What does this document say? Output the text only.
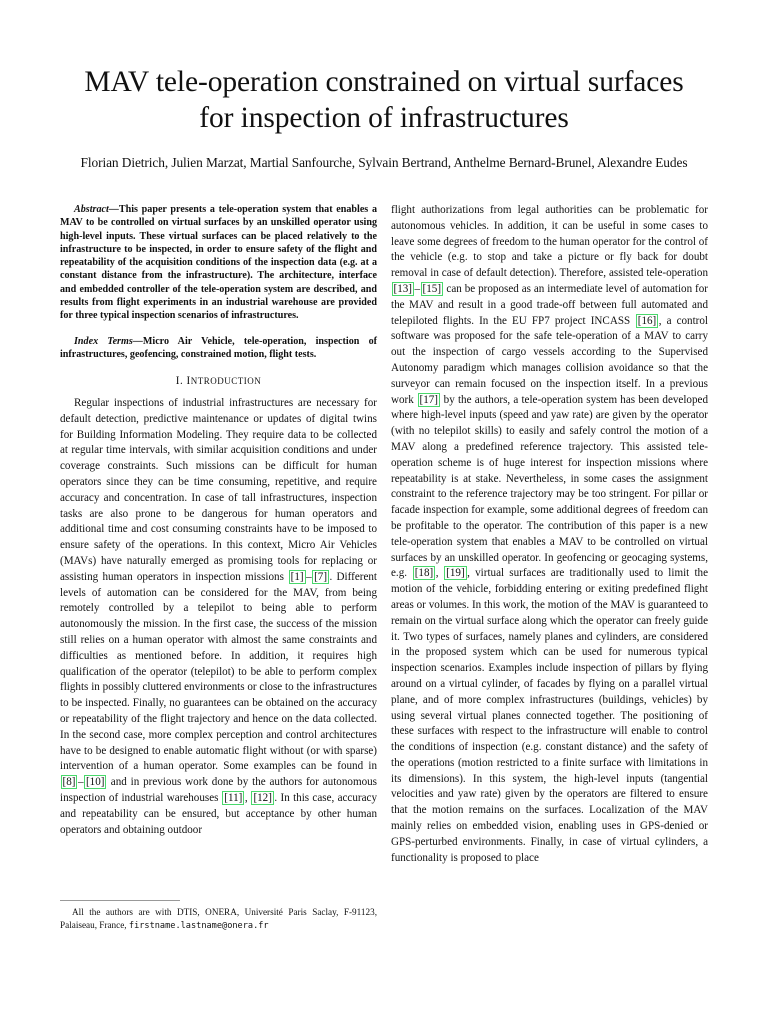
MAV tele-operation constrained on virtual surfaces
for inspection of infrastructures
Florian Dietrich, Julien Marzat, Martial Sanfourche, Sylvain Bertrand, Anthelme Bernard-Brunel, Alexandre Eudes

Abstract—This paper presents a tele-operation system that enables a MAV to be controlled on virtual surfaces by an unskilled operator using high-level inputs. These virtual surfaces can be placed relatively to the infrastructure to be inspected, in order to ensure safety of the flight and repeatability of the acquisition conditions of the inspection data (e.g. at a constant distance from the infrastructure). The architecture, interface and embedded controller of the tele-operation system are described, and results from flight experiments in an industrial warehouse are provided for three typical inspection scenarios of infrastructures.

Index Terms—Micro Air Vehicle, tele-operation, inspection of infrastructures, geofencing, constrained motion, flight tests.

I. INTRODUCTION

Regular inspections of industrial infrastructures are necessary for default detection, predictive maintenance or updates of digital twins for Building Information Modeling. They require data to be collected at regular time intervals, with similar acquisition conditions and under coverage constraints. Such missions can be difficult for human operators since they can be time consuming, repetitive, and require accuracy and concentration. In case of tall infrastructures, inspection tasks are also prone to be dangerous for human operators and additional time and cost consuming constraints have to be imposed to ensure safety of the operations. In this context, Micro Air Vehicles (MAVs) have naturally emerged as promising tools for replacing or assisting human operators in inspection missions [1] – [7] . Different levels of automation can be considered for the MAV, from being remotely controlled by a telepilot to being able to perform autonomously the mission. In the first case, the success of the mission still relies on a human operator with almost the same constraints and difficulties as mentioned before. In addition, it requires high qualification of the operator (telepilot) to be able to perform complex flights in possibly cluttered environments or close to the infrastructures to be inspected. Finally, no guarantees can be obtained on the accuracy or repeatability of the flight trajectory and hence on the data collected. In the second case, more complex perception and control architectures have to be designed to enable automatic flight without (or with sparse) intervention of a human operator. Some examples can be found in [8] – [10] and in previous work done by the authors for autonomous inspection of industrial warehouses [11] , [12] . In this case, accuracy and repeatability can be ensured, but acceptance by other human operators and obtaining outdoor

All the authors are with DTIS, ONERA, Université Paris Saclay, F-91123, Palaiseau, France, firstname.lastname@onera.fr

flight authorizations from legal authorities can be problematic for autonomous vehicles. In addition, it can be useful in some cases to leave some degrees of freedom to the human operator for the control of the vehicle (e.g. to stop and take a picture or fly back for doubt removal in case of default detection). Therefore, assisted tele-operation [13] – [15] can be proposed as an intermediate level of automation for the MAV and result in a good trade-off between full automated and telepiloted flights. In the EU FP7 project INCASS [16] , a control software was proposed for the safe tele-operation of a MAV to carry out the inspection of cargo vessels according to the Supervised Autonomy paradigm which manages collision avoidance so that the surveyor can remain focused on the inspection itself. In a previous work [17] by the authors, a tele-operation system has been developed where high-level inputs (speed and yaw rate) are given by the operator (with no telepilot skills) to easily and safely control the motion of a MAV along a predefined reference trajectory. This assisted tele-operation scheme is of huge interest for inspection missions where repeatability is at stake. Nevertheless, in some cases the assignment constraint to the reference trajectory may be too stringent. For pillar or facade inspection for example, some additional degrees of freedom can be profitable to the operator. The contribution of this paper is a new tele-operation system that enables a MAV to be controlled on virtual surfaces by an unskilled operator. In geofencing or geocaging systems, e.g. [18] , [19] , virtual surfaces are traditionally used to limit the motion of the vehicle, forbidding entering or exiting predefined flight areas or volumes. In this work, the motion of the MAV is guaranteed to remain on the virtual surface along which the operator can freely guide it. Two types of surfaces, namely planes and cylinders, are considered in the proposed system which can be used for numerous typical inspection scenarios. Examples include inspection of pillars by flying around on a virtual cylinder, of facades by flying on a parallel virtual plane, and of more complex infrastructures (buildings, vehicles) by using several virtual planes connected together. The positioning of these surfaces with respect to the infrastructure will enable to control the conditions of inspection (e.g. constant distance) and the safety of the operations (motion restricted to a finite surface with limitations in its dimensions). In this system, the high-level inputs (tangential velocities and yaw rate) given by the operators are filtered to ensure that the motion remains on the surfaces. Localization of the MAV mainly relies on embedded vision, enabling uses in GPS-denied or GPS-perturbed environments. Finally, in case of virtual cylinders, a functionality is proposed to place
